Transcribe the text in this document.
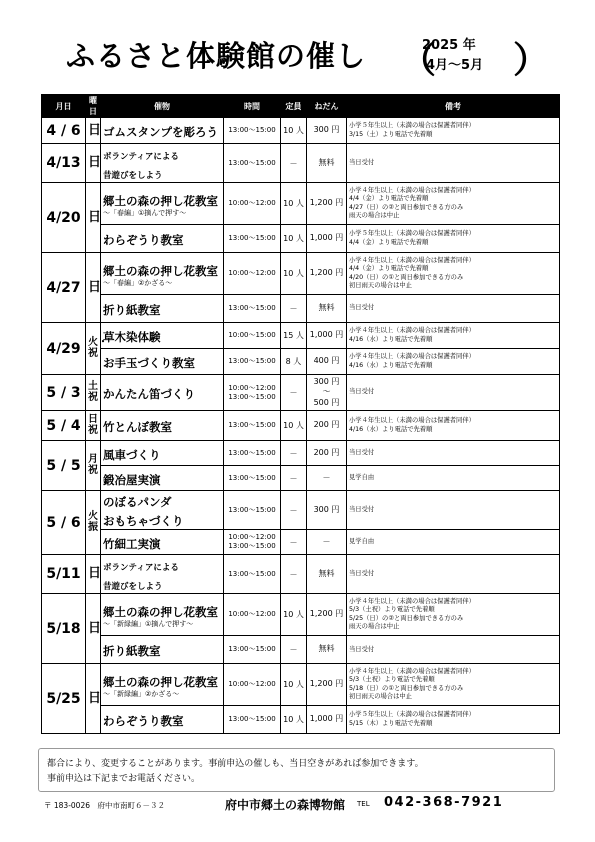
ふるさと体験館の催し （
2025 年
4月～5月 ）
月日	曜日	催物	時間	定員	ねだん	備考
4 / 6	日	ゴムスタンプを彫ろう	13:00～15:00	10 人	300 円	小学５年生以上（未満の場合は保護者同伴）
3/15（土）より電話で先着順
4/13	日	ボランティアによる
昔遊びをしよう	13:00～15:00	－	無料	当日受付
4/20	日	郷土の森の押し花教室
～「春編」①摘んで押す～	10:00～12:00	10 人	1,200 円	小学４年生以上（未満の場合は保護者同伴）
4/4（金）より電話で先着順
4/27（日）の②と両日参加できる方のみ
雨天の場合は中止
		わらぞうり教室	13:00～15:00	10 人	1,000 円	小学５年生以上（未満の場合は保護者同伴）
4/4（金）より電話で先着順
4/27	日	郷土の森の押し花教室
～「春編」②かざる～	10:00～12:00	10 人	1,200 円	小学４年生以上（未満の場合は保護者同伴）
4/4（金）より電話で先着順
4/20（日）の①と両日参加できる方のみ
初日雨天の場合は中止
		折り紙教室	13:00～15:00	－	無料	当日受付
4/29	火・祝	草木染体験	10:00～15:00	15 人	1,000 円	小学４年生以上（未満の場合は保護者同伴）
4/16（水）より電話で先着順
		お手玉づくり教室	13:00～15:00	8 人	400 円	小学４年生以上（未満の場合は保護者同伴）
4/16（水）より電話で先着順
5 / 3	土祝	かんたん笛づくり	10:00～12:00
13:00～15:00	－	300 円
～
500 円	当日受付
5 / 4	日祝	竹とんぼ教室	13:00～15:00	10 人	200 円	小学４年生以上（未満の場合は保護者同伴）
4/16（水）より電話で先着順
5 / 5	月祝	風車づくり	13:00～15:00	－	200 円	当日受付
		鍛冶屋実演	13:00～15:00	－	－	見学自由
5 / 6	火振	のぼるパンダ
おもちゃづくり	13:00～15:00	－	300 円	当日受付
		竹細工実演	10:00～12:00
13:00～15:00	－	－	見学自由
5/11	日	ボランティアによる
昔遊びをしよう	13:00～15:00	－	無料	当日受付
5/18	日	郷土の森の押し花教室
～「新緑編」①摘んで押す～	10:00～12:00	10 人	1,200 円	小学４年生以上（未満の場合は保護者同伴）
5/3（土祝）より電話で先着順
5/25（日）の②と両日参加できる方のみ
雨天の場合は中止
		折り紙教室	13:00～15:00	－	無料	当日受付
5/25	日	郷土の森の押し花教室
～「新緑編」②かざる～	10:00～12:00	10 人	1,200 円	小学４年生以上（未満の場合は保護者同伴）
5/3（土祝）より電話で先着順
5/18（日）の①と両日参加できる方のみ
初日雨天の場合は中止
		わらぞうり教室	13:00～15:00	10 人	1,000 円	小学５年生以上（未満の場合は保護者同伴）
5/15（木）より電話で先着順
都合により、変更することがあります。事前申込の催しも、当日空きがあれば参加できます。
事前申込は下記までお電話ください。
〒 183-0026　府中市南町６－３２	府中市郷土の森博物館 TEL 042-368-7921
